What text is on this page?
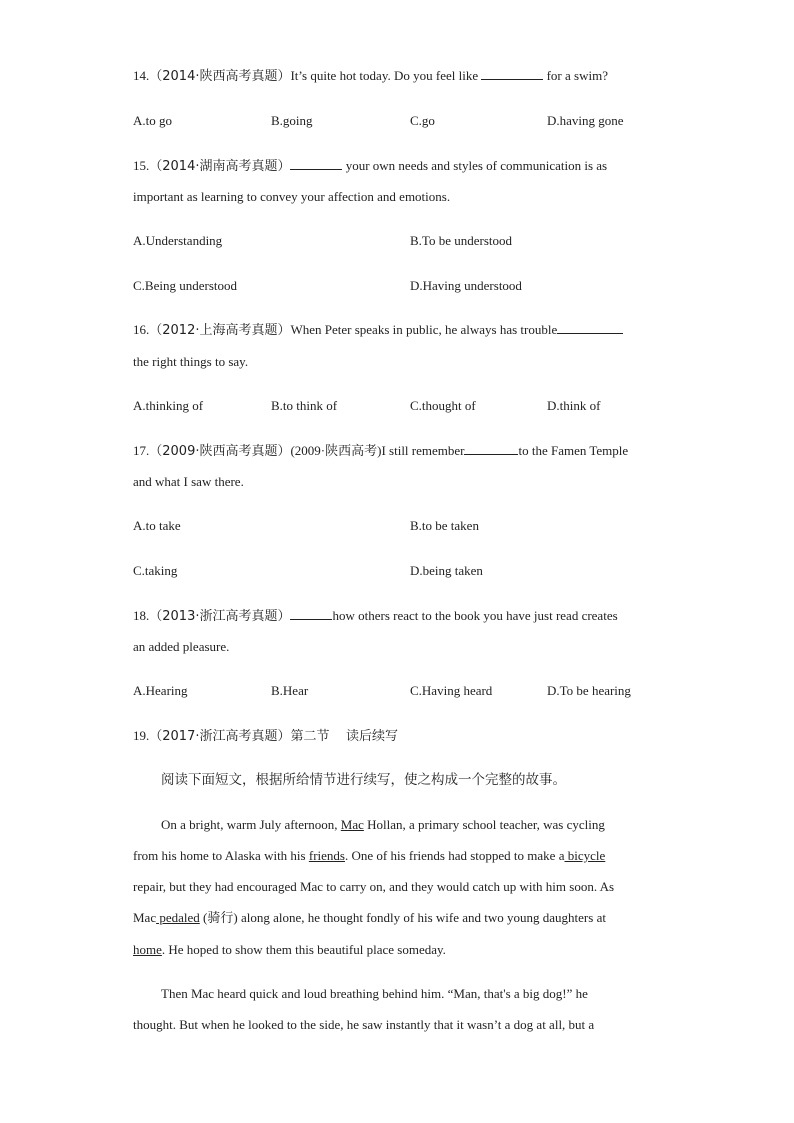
14.（2014·陕西高考真题）It’s quite hot today. Do you feel like	for a swim?
A.to go	B.going	C.go	D.having gone
15.（2014·湖南高考真题）	your own needs and styles of communication is as
important as learning to convey your affection and emotions.
A.Understanding	B.To be understood
C.Being understood	D.Having understood
16.（2012·上海高考真题）When Peter speaks in public, he always has trouble
the right things to say.
A.thinking of	B.to think of	C.thought of	D.think of
17.（2009·陕西高考真题）(2009·陕西高考)I still remember	to the Famen Temple
and what I saw there.
A.to take	B.to be taken
C.taking	D.being taken
18.（2013·浙江高考真题）	how others react to the book you have just read creates
an added pleasure.
A.Hearing	B.Hear	C.Having heard	D.To be hearing
19.（2017·浙江高考真题）第二节    读后续写
阅读下面短文，根据所给情节进行续写，使之构成一个完整的故事。
On a bright, warm July afternoon, Mac Hollan, a primary school teacher, was cycling
from his home to Alaska with his friends. One of his friends had stopped to make a bicycle
repair, but they had encouraged Mac to carry on, and they would catch up with him soon. As
Mac pedaled (骑行) along alone, he thought fondly of his wife and two young daughters at
home. He hoped to show them this beautiful place someday.
Then Mac heard quick and loud breathing behind him. “Man, that's a big dog!” he
thought. But when he looked to the side, he saw instantly that it wasn’t a dog at all, but a
